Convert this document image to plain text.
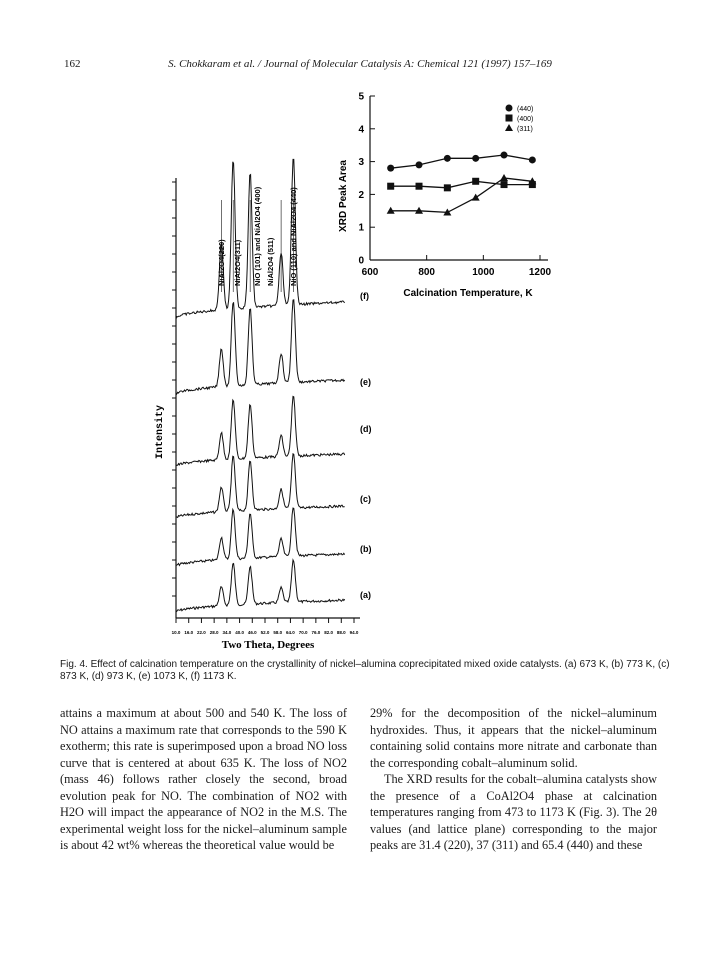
162	S. Chokkaram et al. / Journal of Molecular Catalysis A: Chemical 121 (1997) 157–169
10.0 16.0 22.0 28.0 34.0 40.0 46.0 52.0 58.0 64.0 70.0 76.0 82.0 88.0 94.0
Intensity
Two Theta, Degrees
(f)
(e)
(d)
(c)
(b)
(a)
NiAl2O4(220) NiAl2O4(311) NiO (101) and NiAl2O4 (400) NiAl2O4 (511) NiO (110) and NiAl2O4 (440)	600	800	1000	1200
0
1
2
3
4
5
XRD Peak Area
Calcination Temperature, K
(440)
(400)
(311)
Fig. 4. Effect of calcination temperature on the crystallinity of nickel–alumina coprecipitated mixed oxide catalysts. (a) 673 K, (b) 773 K, (c) 873 K, (d) 973 K, (e) 1073 K, (f) 1173 K.

attains a maximum at about 500 and 540 K. The loss of NO attains a maximum rate that corresponds to the 590 K exotherm; this rate is superimposed upon a broad NO loss curve that is centered at about 635 K. The loss of NO2 (mass 46) follows rather closely the second, broad evolution peak for NO. The combination of NO2 with H2O will impact the appearance of NO2 in the M.S. The experimental weight loss for the nickel–aluminum sample is about 42 wt% whereas the theoretical value would be

29% for the decomposition of the nickel–aluminum hydroxides. Thus, it appears that the nickel–aluminum containing solid contains more nitrate and carbonate than the corresponding cobalt–aluminum solid.

The XRD results for the cobalt–alumina catalysts show the presence of a CoAl2O4 phase at calcination temperatures ranging from 473 to 1173 K (Fig. 3). The 2θ values (and lattice plane) corresponding to the major peaks are 31.4 (220), 37 (311) and 65.4 (440) and these
